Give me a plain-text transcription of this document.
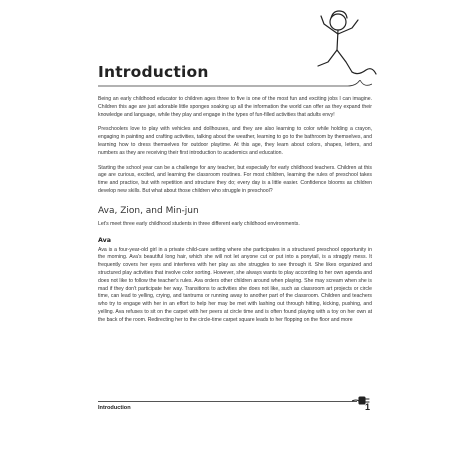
Introduction

Being an early childhood educator to children ages three to five is one of the most fun and exciting jobs I can imagine. Children this age are just adorable little sponges soaking up all the information the world can offer as they expand their knowledge and language, while they play and engage in the types of fun-filled activities that adults envy!

Preschoolers love to play with vehicles and dollhouses, and they are also learning to color while holding a crayon, engaging in painting and crafting activities, talking about the weather, learning to go to the bathroom by themselves, and learning how to dress themselves for outdoor playtime. At this age, they learn about colors, shapes, letters, and numbers as they are receiving their first introduction to academics and education.

Starting the school year can be a challenge for any teacher, but especially for early childhood teachers. Children at this age are curious, excited, and learning the classroom routines. For most children, learning the rules of preschool takes time and practice, but with repetition and structure they do; every day is a little easier. Confidence blooms as children develop new skills. But what about those children who struggle in preschool?

Ava, Zion, and Min-jun

Let's meet three early childhood students in three different early childhood environments.

Ava

Ava is a four-year-old girl in a private child-care setting where she participates in a structured preschool opportunity in the morning. Ava's beautiful long hair, which she will not let anyone cut or put into a ponytail, is a straggly mess. It frequently covers her eyes and interferes with her play as she struggles to see through it. She likes organized and structured play activities that involve color sorting. However, she always wants to play according to her own agenda and does not like to follow the teacher's rules. Ava orders other children around when playing. She may scream when she is mad if they don't participate her way. Transitions to activities she does not like, such as classroom art projects or circle time, can lead to yelling, crying, and tantrums or running away to another part of the classroom. Children and teachers who try to engage with her in an effort to help her may be met with lashing out through hitting, kicking, pushing, and yelling. Ava refuses to sit on the carpet with her peers at circle time and is often found playing with a toy on her own at the back of the room. Redirecting her to the circle-time carpet square leads to her flopping on the floor and more

Introduction	1
